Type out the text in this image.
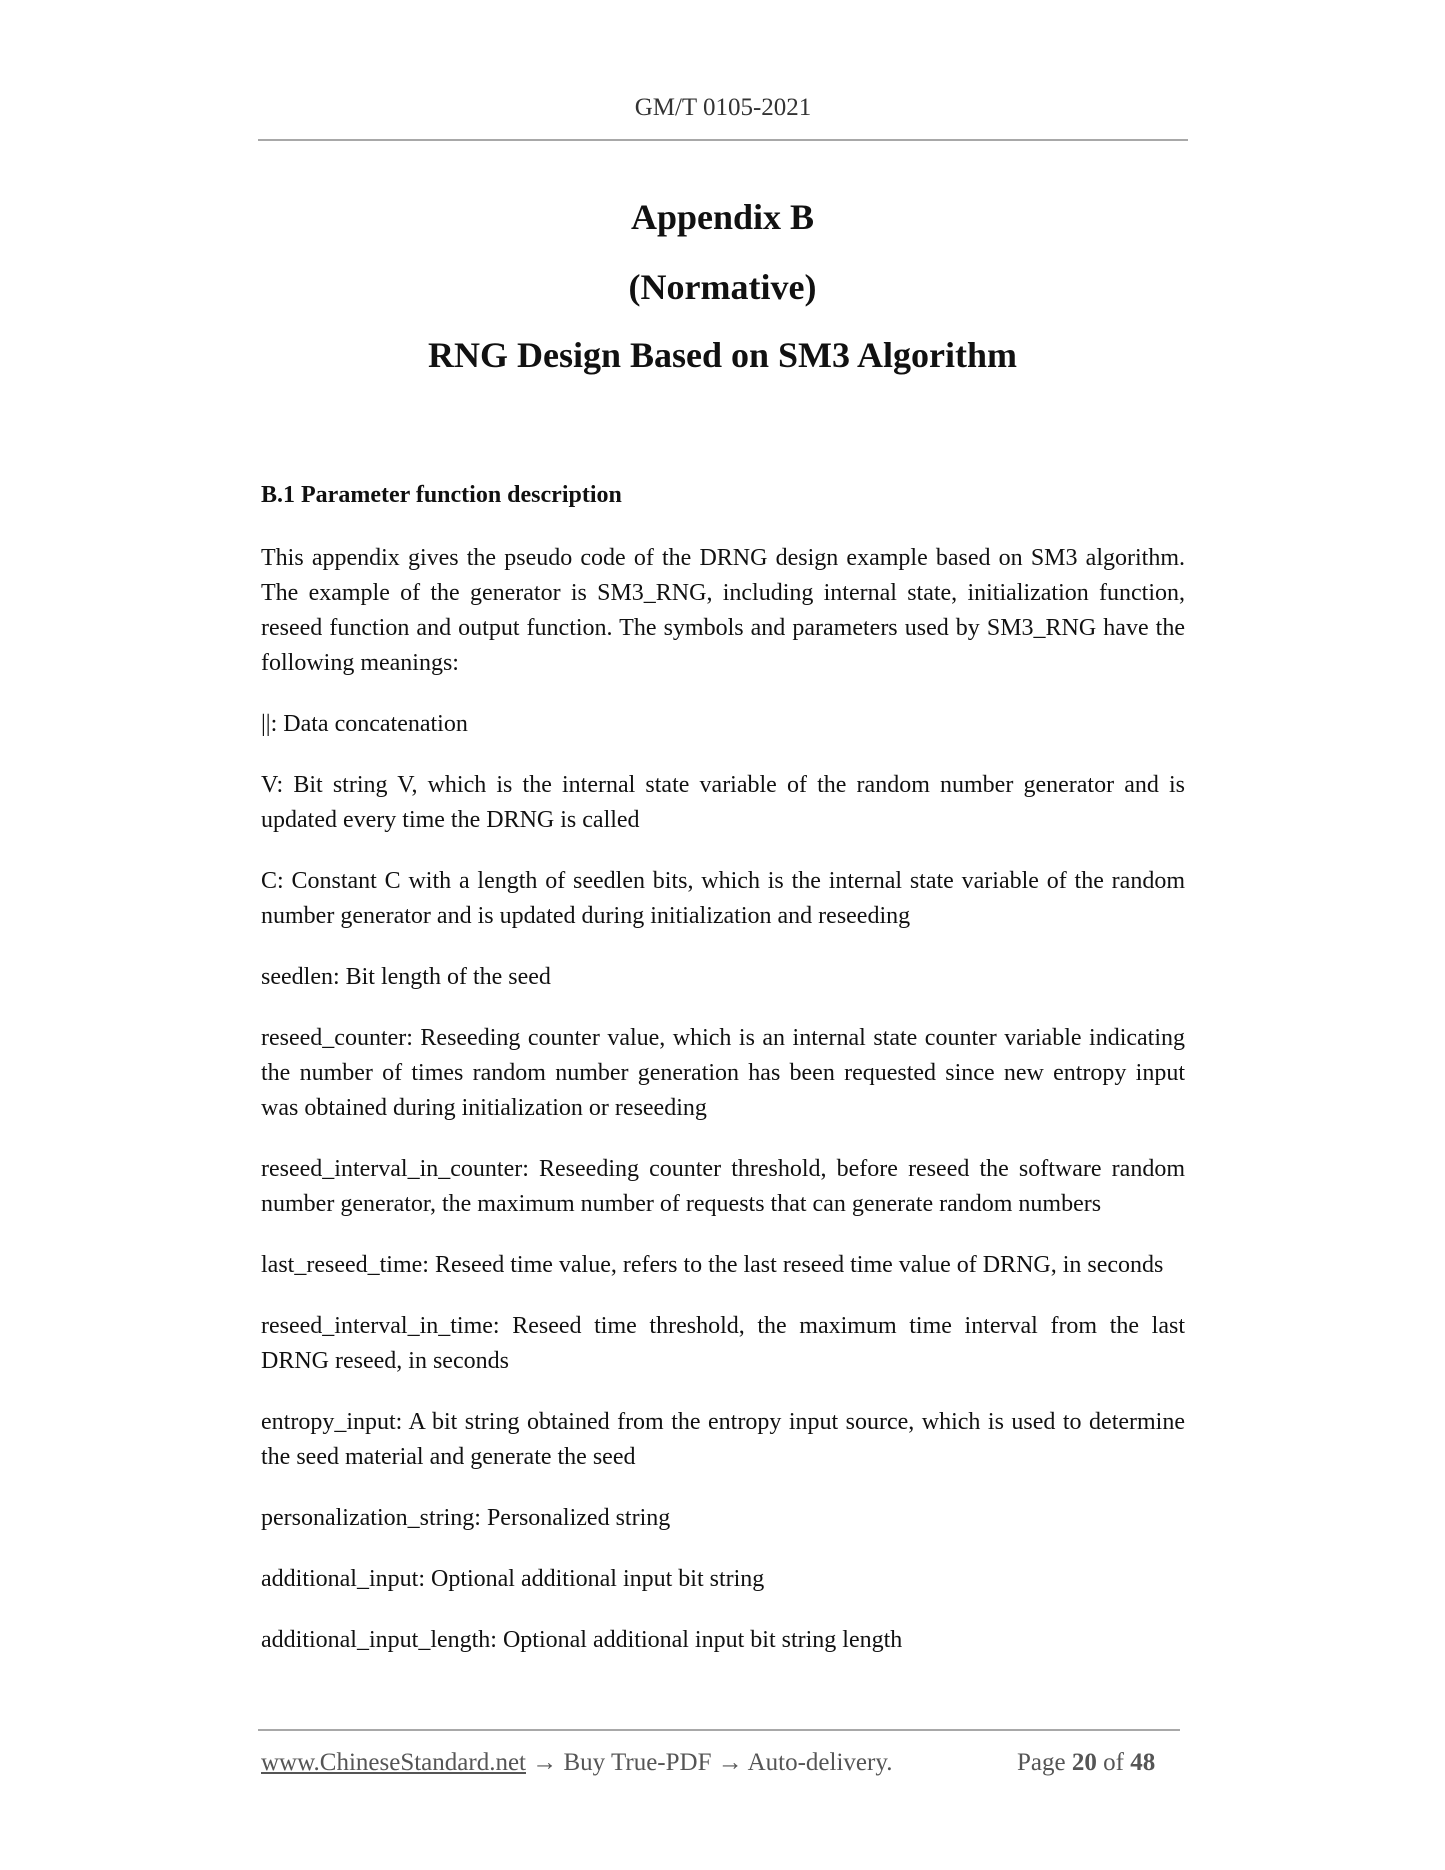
GM/T 0105-2021
Appendix B
(Normative)
RNG Design Based on SM3 Algorithm
B.1 Parameter function description

This appendix gives the pseudo code of the DRNG design example based on SM3 algorithm. The example of the generator is SM3_RNG, including internal state, initialization function, reseed function and output function. The symbols and parameters used by SM3_RNG have the following meanings:

||: Data concatenation

V: Bit string V, which is the internal state variable of the random number generator and is updated every time the DRNG is called

C: Constant C with a length of seedlen bits, which is the internal state variable of the random number generator and is updated during initialization and reseeding

seedlen: Bit length of the seed

reseed_counter: Reseeding counter value, which is an internal state counter variable indicating the number of times random number generation has been requested since new entropy input was obtained during initialization or reseeding

reseed_interval_in_counter: Reseeding counter threshold, before reseed the software random number generator, the maximum number of requests that can generate random numbers

last_reseed_time: Reseed time value, refers to the last reseed time value of DRNG, in seconds

reseed_interval_in_time: Reseed time threshold, the maximum time interval from the last DRNG reseed, in seconds

entropy_input: A bit string obtained from the entropy input source, which is used to determine the seed material and generate the seed

personalization_string: Personalized string

additional_input: Optional additional input bit string

additional_input_length: Optional additional input bit string length

www.ChineseStandard.net → Buy True-PDF → Auto-delivery.	Page 20 of 48
